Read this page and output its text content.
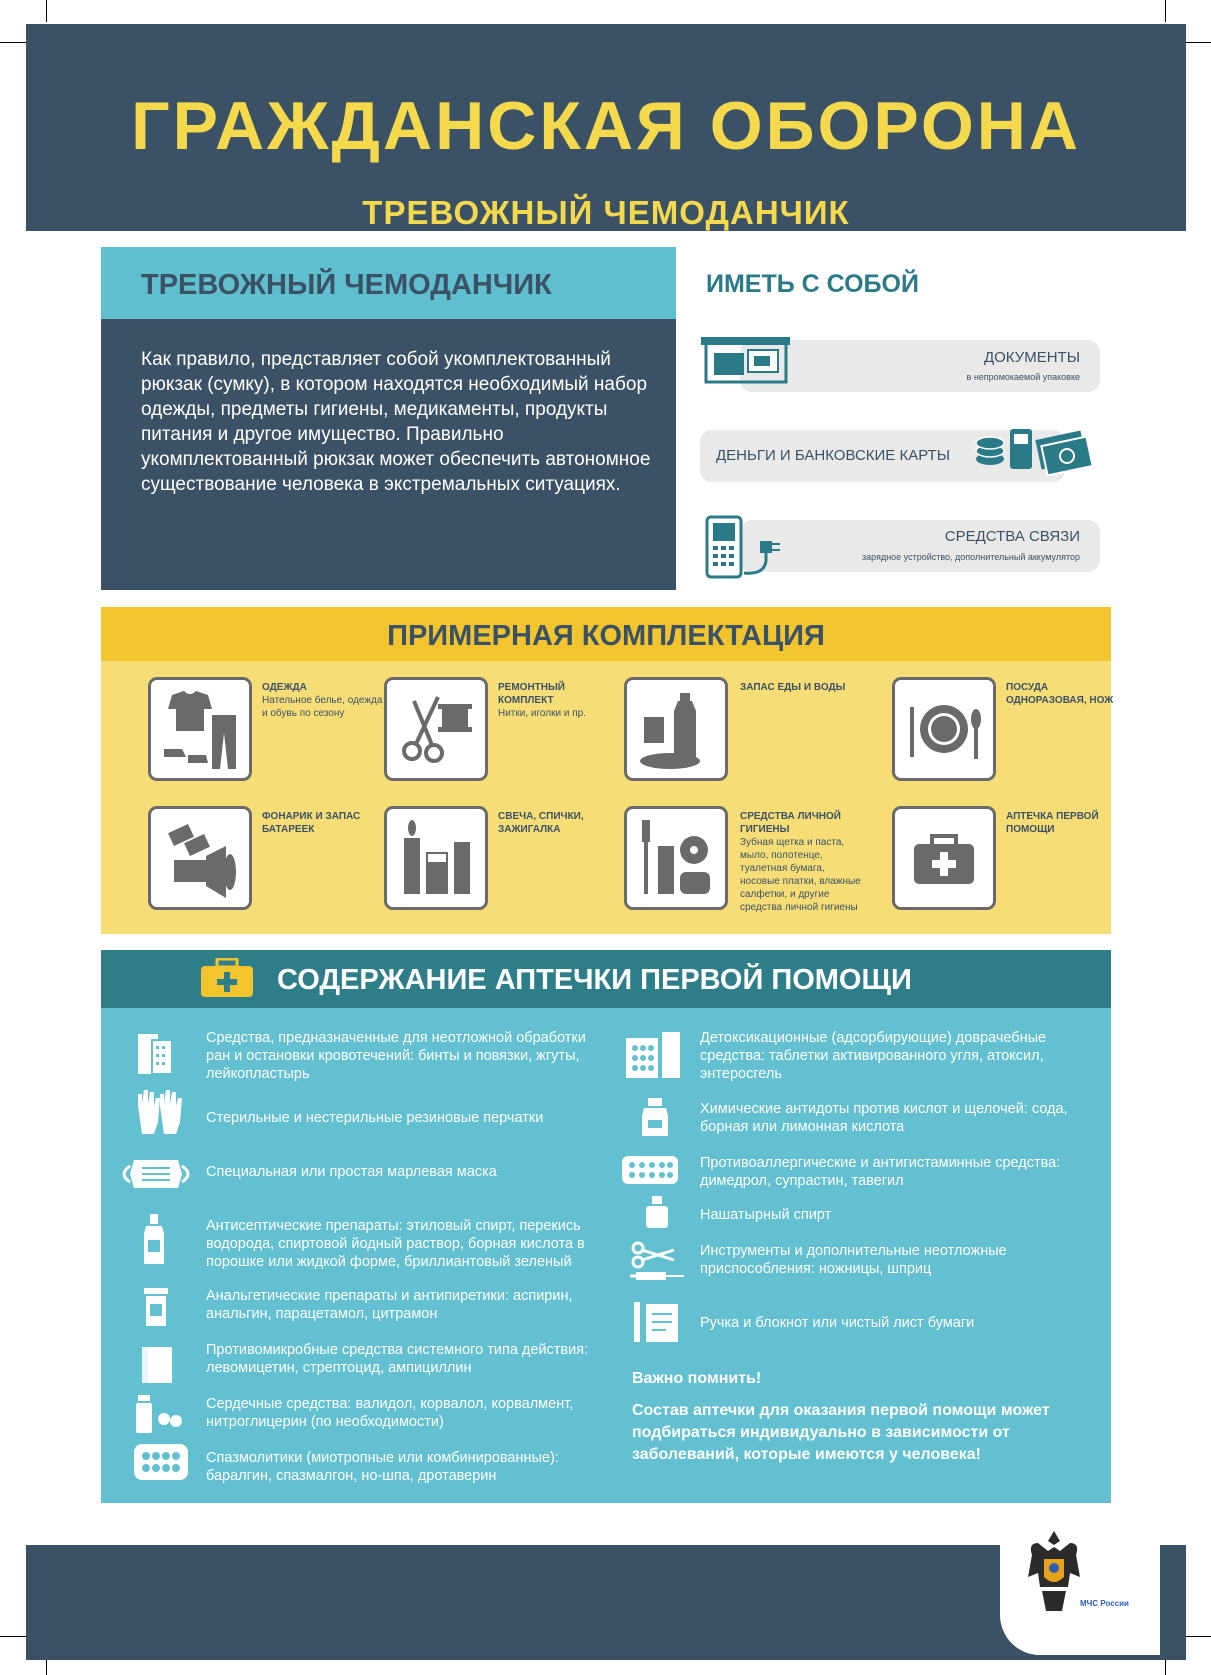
ГРАЖДАНСКАЯ ОБОРОНА
ТРЕВОЖНЫЙ ЧЕМОДАНЧИК
ТРЕВОЖНЫЙ ЧЕМОДАНЧИК

Как правило, представляет собой укомплектованный рюкзак (сумку), в котором находятся необходимый набор одежды, предметы гигиены, медикаменты, продукты питания и другое имущество. Правильно укомплектованный рюкзак может обеспечить автономное существование человека в экстремальных ситуациях.

ИМЕТЬ С СОБОЙ
ДОКУМЕНТЫ
в непромокаемой упаковке
ДЕНЬГИ И БАНКОВСКИЕ КАРТЫ
СРЕДСТВА СВЯЗИ
зарядное устройство, дополнительный аккумулятор
ПРИМЕРНАЯ КОМПЛЕКТАЦИЯ
ОДЕЖДА
Нательное белье, одежда и обувь по сезону
РЕМОНТНЫЙ КОМПЛЕКТ
Нитки, иголки и пр.
ЗАПАС ЕДЫ И ВОДЫ	ПОСУДА ОДНОРАЗОВАЯ, НОЖ
ФОНАРИК И ЗАПАС БАТАРЕЕК
СВЕЧА, СПИЧКИ, ЗАЖИГАЛКА
СРЕДСТВА ЛИЧНОЙ ГИГИЕНЫ
Зубная щетка и паста, мыло, полотенце, туалетная бумага, носовые платки, влажные салфетки, и другие средства личной гигиены
АПТЕЧКА ПЕРВОЙ ПОМОЩИ
СОДЕРЖАНИЕ АПТЕЧКИ ПЕРВОЙ ПОМОЩИ
Средства, предназначенные для неотложной обработки ран и остановки кровотечений: бинты и повязки, жгуты, лейкопластырь
Стерильные и нестерильные резиновые перчатки
Специальная или простая марлевая маска
Антисептические препараты: этиловый спирт, перекись водорода, спиртовой йодный раствор, борная кислота в порошке или жидкой форме, бриллиантовый зеленый
Анальгетические препараты и антипиретики: аспирин, анальгин, парацетамол, цитрамон
Противомикробные средства системного типа действия: левомицетин, стрептоцид, ампициллин
Сердечные средства: валидол, корвалол, корвалмент, нитроглицерин (по необходимости)
Спазмолитики (миотропные или комбинированные): баралгин, спазмалгон, но-шпа, дротаверин
Детоксикационные (адсорбирующие) доврачебные средства: таблетки активированного угля, атоксил, энтеросгель
Химические антидоты против кислот и щелочей: сода, борная или лимонная кислота
Противоаллергические и антигистаминные средства: димедрол, супрастин, тавегил
Нашатырный спирт
Инструменты и дополнительные неотложные приспособления: ножницы, шприц
Ручка и блокнот или чистый лист бумаги
Важно помнить!
Состав аптечки для оказания первой помощи может подбираться индивидуально в зависимости от заболеваний, которые имеются у человека!
МЧС России
